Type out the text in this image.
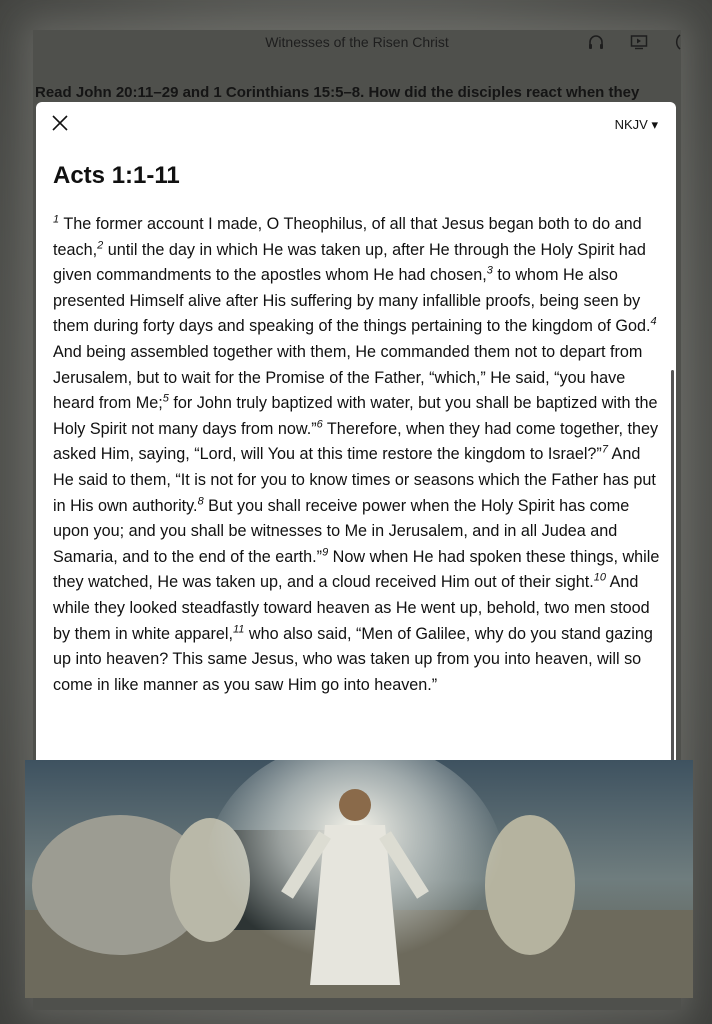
Witnesses of the Risen Christ
Read John 20:11–29 and 1 Corinthians 15:5–8. How did the disciples react when they
NKJV ▾
Acts 1:1-11
$^1$ The former account I made, O Theophilus, of all that Jesus began both to do and teach,$^2$ until the day in which He was taken up, after He through the Holy Spirit had given commandments to the apostles whom He had chosen,$^3$ to whom He also presented Himself alive after His suffering by many infallible proofs, being seen by them during forty days and speaking of the things pertaining to the kingdom of God.$^4$ And being assembled together with them, He commanded them not to depart from Jerusalem, but to wait for the Promise of the Father, “which,” He said, “you have heard from Me;$^5$ for John truly baptized with water, but you shall be baptized with the Holy Spirit not many days from now.”$^6$ Therefore, when they had come together, they asked Him, saying, “Lord, will You at this time restore the kingdom to Israel?”$^7$ And He said to them, “It is not for you to know times or seasons which the Father has put in His own authority.$^8$ But you shall receive power when the Holy Spirit has come upon you; and you shall be witnesses to Me in Jerusalem, and in all Judea and Samaria, and to the end of the earth.”$^9$ Now when He had spoken these things, while they watched, He was taken up, and a cloud received Him out of their sight.$^{10}$ And while they looked steadfastly toward heaven as He went up, behold, two men stood by them in white apparel,$^{11}$ who also said, “Men of Galilee, why do you stand gazing up into heaven? This same Jesus, who was taken up from you into heaven, will so come in like manner as you saw Him go into heaven.”
